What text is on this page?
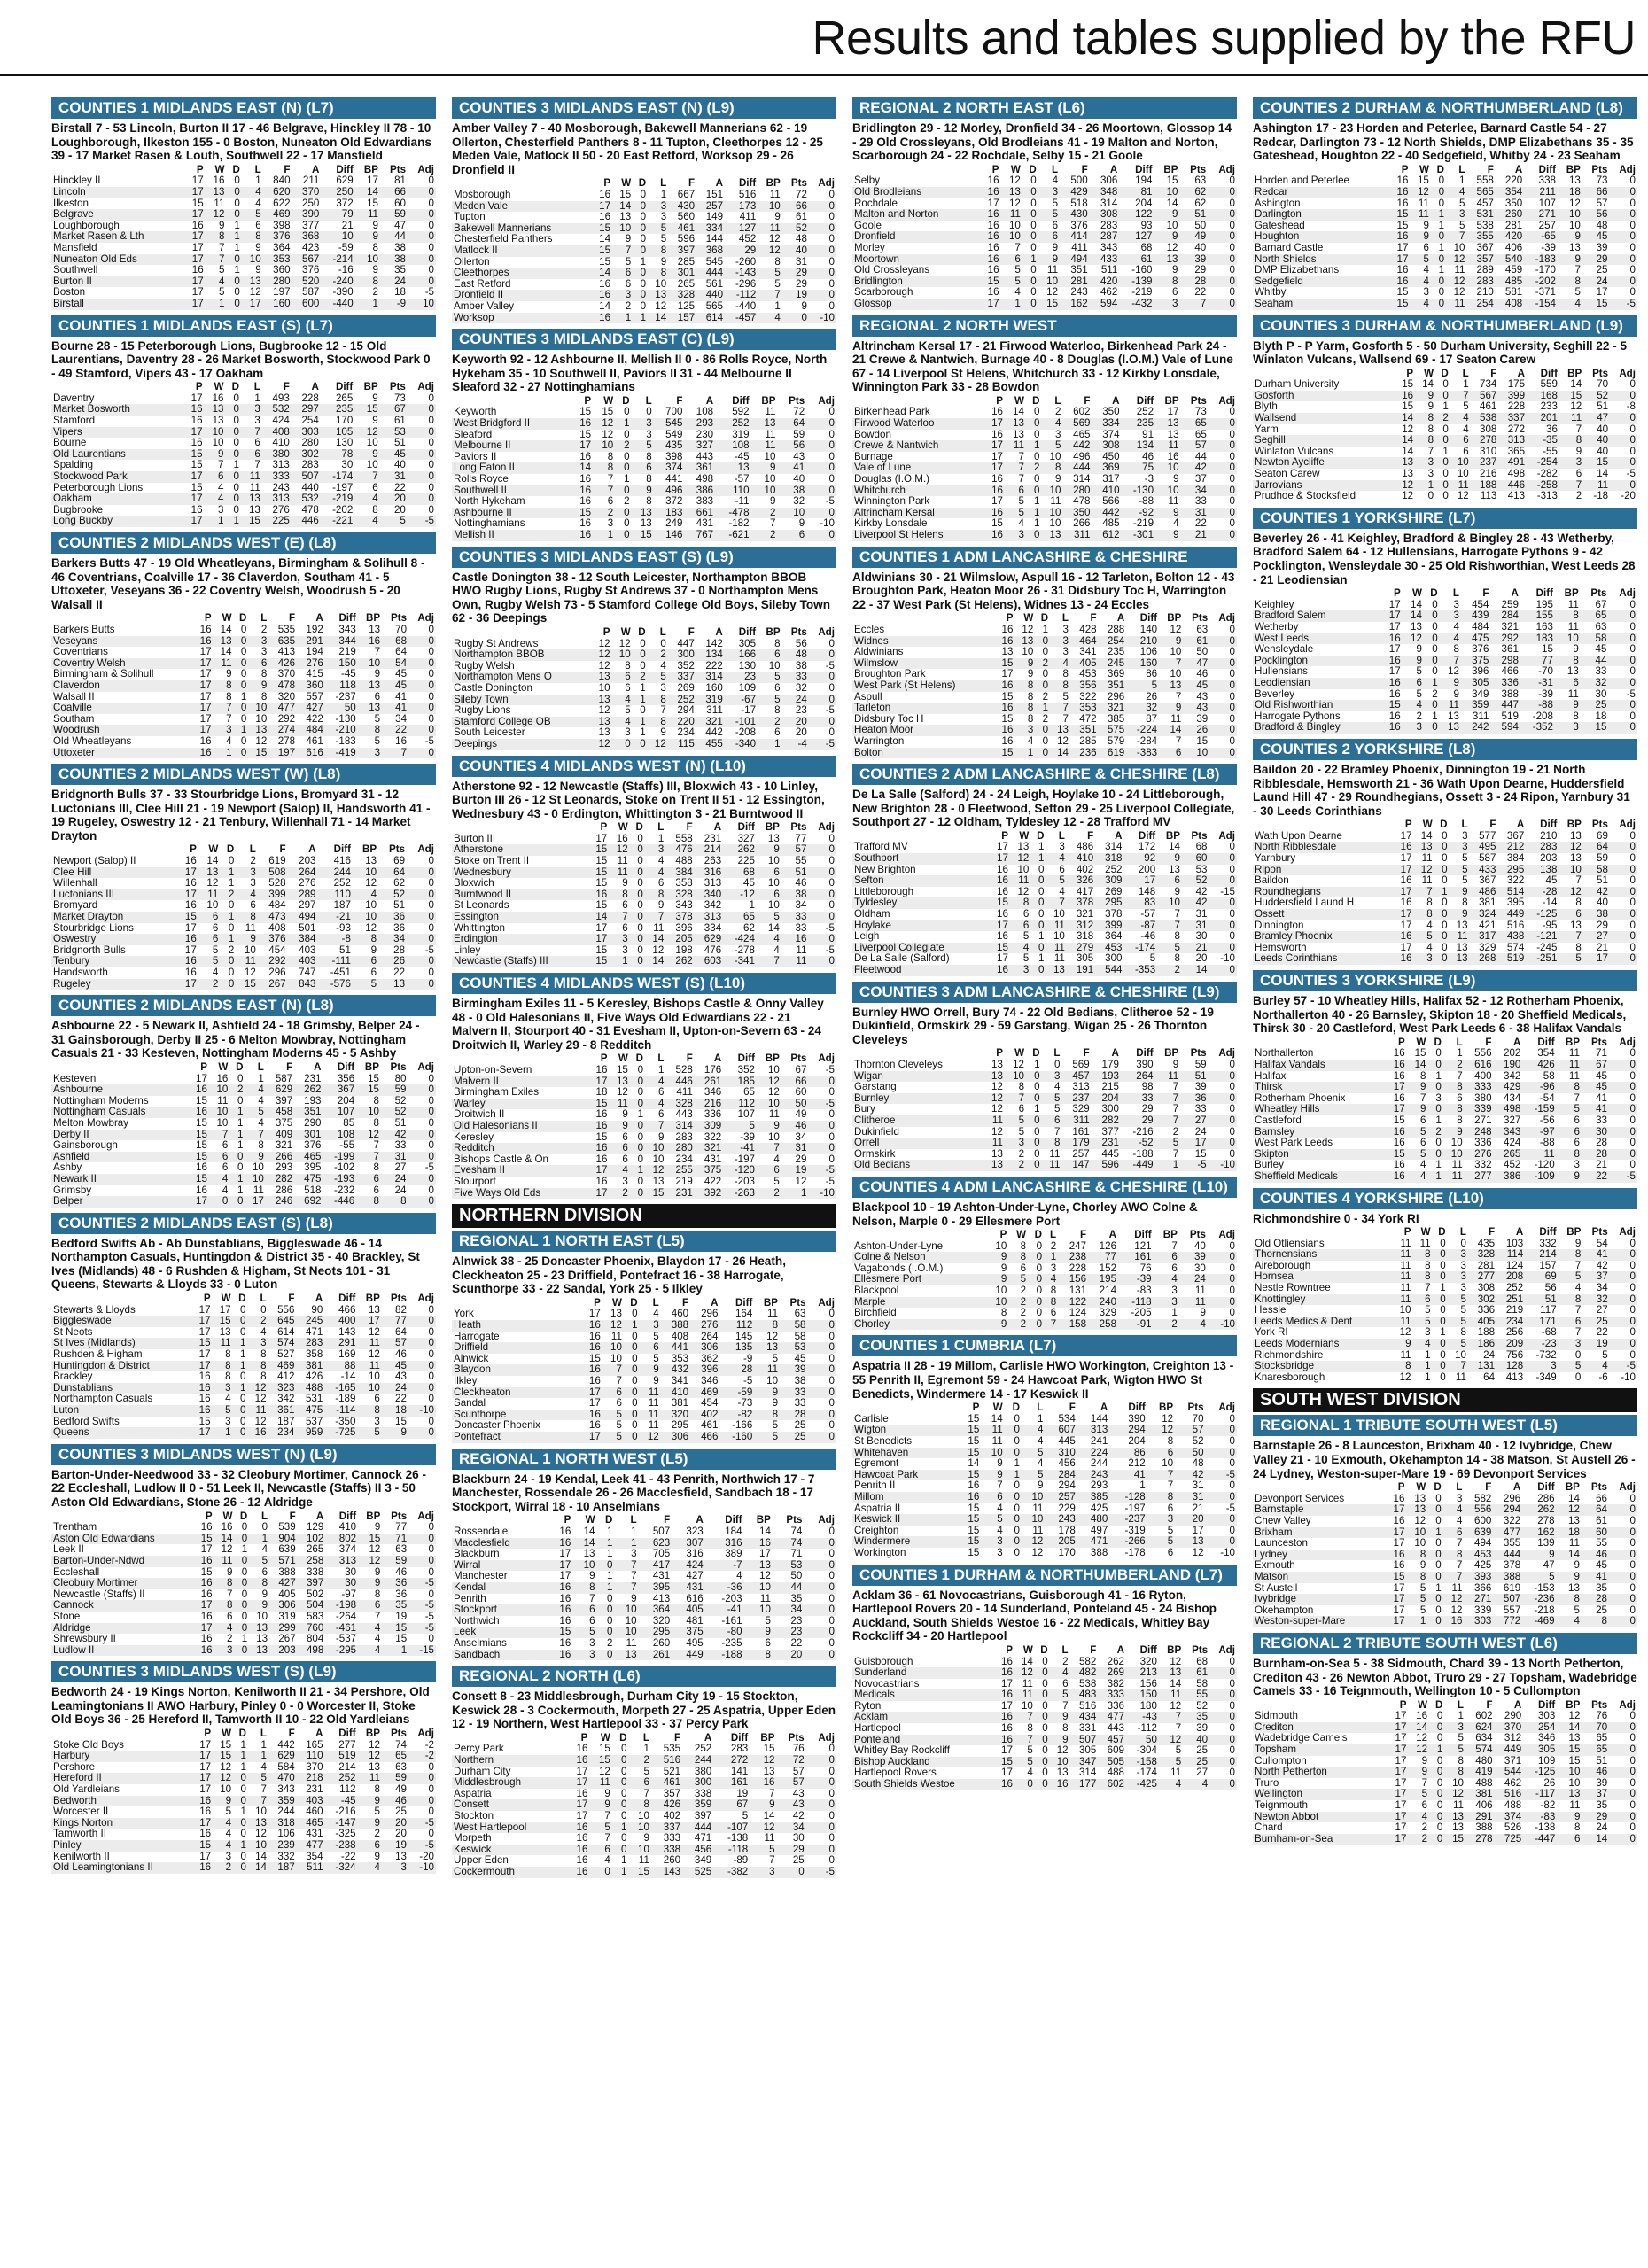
Results and tables supplied by the RFU
COUNTIES 1 MIDLANDS EAST (N) (L7)
Birstall 7 - 53 Lincoln, Burton II 17 - 46 Belgrave, Hinckley II 78 - 10 Loughborough, Ilkeston 155 - 0 Boston, Nuneaton Old Edwardians 39 - 17 Market Rasen & Louth, Southwell 22 - 17 Mansfield
	P	W	D	L	F	A	Diff	BP	Pts	Adj
Hinckley II	17	16	0	1	840	211	629	17	81	0
Lincoln	17	13	0	4	620	370	250	14	66	0
Ilkeston	15	11	0	4	622	250	372	15	60	0
Belgrave	17	12	0	5	469	390	79	11	59	0
Loughborough	16	9	1	6	398	377	21	9	47	0
Market Rasen & Lth	17	8	1	8	376	368	10	9	44	0
Mansfield	17	7	1	9	364	423	-59	8	38	0
Nuneaton Old Eds	17	7	0	10	353	567	-214	10	38	0
Southwell	16	5	1	9	360	376	-16	9	35	0
Burton II	17	4	0	13	280	520	-240	8	24	0
Boston	17	5	0	12	197	587	-390	2	18	-5
Birstall	17	1	0	17	160	600	-440	1	-9	10
COUNTIES 1 MIDLANDS EAST (S) (L7)
Bourne 28 - 15 Peterborough Lions, Bugbrooke 12 - 15 Old Laurentians, Daventry 28 - 26 Market Bosworth, Stockwood Park 0 - 49 Stamford, Vipers 43 - 17 Oakham
	P	W	D	L	F	A	Diff	BP	Pts	Adj
Daventry	17	16	0	1	493	228	265	9	73	0
Market Bosworth	16	13	0	3	532	297	235	15	67	0
Stamford	16	13	0	3	424	254	170	9	61	0
Vipers	17	10	0	7	408	303	105	12	53	0
Bourne	16	10	0	6	410	280	130	10	51	0
Old Laurentians	15	9	0	6	380	302	78	9	45	0
Spalding	15	7	1	7	313	283	30	10	40	0
Stockwood Park	17	6	0	11	333	507	-174	7	31	0
Peterborough Lions	15	4	0	11	243	440	-197	6	22	0
Oakham	17	4	0	13	313	532	-219	4	20	0
Bugbrooke	16	3	0	13	276	478	-202	8	20	0
Long Buckby	17	1	1	15	225	446	-221	4	5	-5
COUNTIES 2 MIDLANDS WEST (E) (L8)
Barkers Butts 47 - 19 Old Wheatleyans, Birmingham & Solihull 8 - 46 Coventrians, Coalville 17 - 36 Claverdon, Southam 41 - 5 Uttoxeter, Veseyans 36 - 22 Coventry Welsh, Woodrush 5 - 20 Walsall II
	P	W	D	L	F	A	Diff	BP	Pts	Adj
Barkers Butts	16	14	0	2	535	192	343	13	70	0
Veseyans	16	13	0	3	635	291	344	16	68	0
Coventrians	17	14	0	3	413	194	219	7	64	0
Coventry Welsh	17	11	0	6	426	276	150	10	54	0
Birmingham & Solihull	17	9	0	8	370	415	-45	9	45	0
Claverdon	17	8	0	9	478	360	118	13	45	0
Walsall II	17	8	1	8	320	557	-237	6	41	0
Coalville	17	7	0	10	477	427	50	13	41	0
Southam	17	7	0	10	292	422	-130	5	34	0
Woodrush	17	3	1	13	274	484	-210	8	22	0
Old Wheatleyans	16	4	0	12	278	461	-183	5	16	-5
Uttoxeter	16	1	0	15	197	616	-419	3	7	0
COUNTIES 2 MIDLANDS WEST (W) (L8)
Bridgnorth Bulls 37 - 33 Stourbridge Lions, Bromyard 31 - 12 Luctonians III, Clee Hill 21 - 19 Newport (Salop) II, Handsworth 41 - 19 Rugeley, Oswestry 12 - 21 Tenbury, Willenhall 71 - 14 Market Drayton
	P	W	D	L	F	A	Diff	BP	Pts	Adj
Newport (Salop) II	16	14	0	2	619	203	416	13	69	0
Clee Hill	17	13	1	3	508	264	244	10	64	0
Willenhall	16	12	1	3	528	276	252	12	62	0
Luctonians III	17	11	2	4	399	289	110	4	52	0
Bromyard	16	10	0	6	484	297	187	10	51	0
Market Drayton	15	6	1	8	473	494	-21	10	36	0
Stourbridge Lions	17	6	0	11	408	501	-93	12	36	0
Oswestry	16	6	1	9	376	384	-8	8	34	0
Bridgnorth Bulls	17	5	2	10	454	403	51	9	28	-5
Tenbury	16	5	0	11	292	403	-111	6	26	0
Handsworth	16	4	0	12	296	747	-451	6	22	0
Rugeley	17	2	0	15	267	843	-576	5	13	0
COUNTIES 2 MIDLANDS EAST (N) (L8)
Ashbourne 22 - 5 Newark II, Ashfield 24 - 18 Grimsby, Belper 24 - 31 Gainsborough, Derby II 25 - 6 Melton Mowbray, Nottingham Casuals 21 - 33 Kesteven, Nottingham Moderns 45 - 5 Ashby
	P	W	D	L	F	A	Diff	BP	Pts	Adj
Kesteven	17	16	0	1	587	231	356	15	80	0
Ashbourne	16	10	2	4	629	262	367	15	59	0
Nottingham Moderns	15	11	0	4	397	193	204	8	52	0
Nottingham Casuals	16	10	1	5	458	351	107	10	52	0
Melton Mowbray	15	10	1	4	375	290	85	8	51	0
Derby II	15	7	1	7	409	301	108	12	42	0
Gainsborough	15	6	1	8	321	376	-55	7	33	0
Ashfield	15	6	0	9	266	465	-199	7	31	0
Ashby	16	6	0	10	293	395	-102	8	27	-5
Newark II	15	4	1	10	282	475	-193	6	24	0
Grimsby	16	4	1	11	286	518	-232	6	24	0
Belper	17	0	0	17	246	692	-446	8	8	0
COUNTIES 2 MIDLANDS EAST (S) (L8)
Bedford Swifts Ab - Ab Dunstablians, Biggleswade 46 - 14 Northampton Casuals, Huntingdon & District 35 - 40 Brackley, St Ives (Midlands) 48 - 6 Rushden & Higham, St Neots 101 - 31 Queens, Stewarts & Lloyds 33 - 0 Luton
	P	W	D	L	F	A	Diff	BP	Pts	Adj
Stewarts & Lloyds	17	17	0	0	556	90	466	13	82	0
Biggleswade	17	15	0	2	645	245	400	17	77	0
St Neots	17	13	0	4	614	471	143	12	64	0
St Ives (Midlands)	15	11	1	3	574	283	291	11	57	0
Rushden & Higham	17	8	1	8	527	358	169	12	46	0
Huntingdon & District	17	8	1	8	469	381	88	11	45	0
Brackley	16	8	0	8	412	426	-14	10	43	0
Dunstablians	16	3	1	12	323	488	-165	10	24	0
Northampton Casuals	16	4	0	12	342	531	-189	6	22	0
Luton	16	5	0	11	361	475	-114	8	18	-10
Bedford Swifts	15	3	0	12	187	537	-350	3	15	0
Queens	17	1	0	16	234	959	-725	5	9	0
COUNTIES 3 MIDLANDS WEST (N) (L9)
Barton-Under-Needwood 33 - 32 Cleobury Mortimer, Cannock 26 - 22 Eccleshall, Ludlow II 0 - 51 Leek II, Newcastle (Staffs) II 3 - 50 Aston Old Edwardians, Stone 26 - 12 Aldridge
	P	W	D	L	F	A	Diff	BP	Pts	Adj
Trentham	16	16	0	0	539	129	410	9	77	0
Aston Old Edwardians	15	14	0	1	904	102	802	15	71	0
Leek II	17	12	1	4	639	265	374	12	63	0
Barton-Under-Ndwd	16	11	0	5	571	258	313	12	59	0
Eccleshall	15	9	0	6	388	338	30	9	46	0
Cleobury Mortimer	16	8	0	8	427	397	30	9	36	-5
Newcastle (Staffs) II	16	7	0	9	405	502	-97	8	36	0
Cannock	17	8	0	9	306	504	-198	6	35	-5
Stone	16	6	0	10	319	583	-264	7	19	-5
Aldridge	17	4	0	13	299	760	-461	4	15	-5
Shrewsbury II	16	2	1	13	267	804	-537	4	15	0
Ludlow II	16	3	0	13	203	498	-295	4	1	-15
COUNTIES 3 MIDLANDS WEST (S) (L9)
Bedworth 24 - 19 Kings Norton, Kenilworth II 21 - 34 Pershore, Old Leamingtonians II AWO Harbury, Pinley 0 - 0 Worcester II, Stoke Old Boys 36 - 25 Hereford II, Tamworth II 10 - 22 Old Yardleians
	P	W	D	L	F	A	Diff	BP	Pts	Adj
Stoke Old Boys	17	15	1	1	442	165	277	12	74	-2
Harbury	17	15	1	1	629	110	519	12	65	-2
Pershore	17	12	1	4	584	370	214	13	63	0
Hereford II	17	12	0	5	470	218	252	11	59	0
Old Yardleians	17	10	0	7	343	231	112	8	49	0
Bedworth	16	9	0	7	359	403	-45	9	46	0
Worcester II	16	5	1	10	244	460	-216	5	25	0
Kings Norton	17	4	0	13	318	465	-147	9	20	-5
Tamworth II	16	4	0	12	106	431	-325	2	20	0
Pinley	15	4	1	10	239	477	-238	6	19	-5
Kenilworth II	17	3	0	14	332	354	-22	9	13	-20
Old Leamingtonians II	16	2	0	14	187	511	-324	4	3	-10
COUNTIES 3 MIDLANDS EAST (N) (L9)
Amber Valley 7 - 40 Mosborough, Bakewell Mannerians 62 - 19 Ollerton, Chesterfield Panthers 8 - 11 Tupton, Cleethorpes 12 - 25 Meden Vale, Matlock II 50 - 20 East Retford, Worksop 29 - 26 Dronfield II
	P	W	D	L	F	A	Diff	BP	Pts	Adj
Mosborough	16	15	0	1	667	151	516	11	72	0
Meden Vale	17	14	0	3	430	257	173	10	66	0
Tupton	16	13	0	3	560	149	411	9	61	0
Bakewell Mannerians	15	10	0	5	461	334	127	11	52	0
Chesterfield Panthers	14	9	0	5	596	144	452	12	48	0
Matlock II	15	7	0	8	397	368	29	12	40	0
Ollerton	15	5	1	9	285	545	-260	8	31	0
Cleethorpes	14	6	0	8	301	444	-143	5	29	0
East Retford	16	6	0	10	265	561	-296	5	29	0
Dronfield II	16	3	0	13	328	440	-112	7	19	0
Amber Valley	14	2	0	12	125	565	-440	1	9	0
Worksop	16	1	1	14	157	614	-457	4	0	-10
COUNTIES 3 MIDLANDS EAST (C) (L9)
Keyworth 92 - 12 Ashbourne II, Mellish II 0 - 86 Rolls Royce, North Hykeham 35 - 10 Southwell II, Paviors II 31 - 44 Melbourne II Sleaford 32 - 27 Nottinghamians
	P	W	D	L	F	A	Diff	BP	Pts	Adj
Keyworth	15	15	0	0	700	108	592	11	72	0
West Bridgford II	16	12	1	3	545	293	252	13	64	0
Sleaford	15	12	0	3	549	230	319	11	59	0
Melbourne II	17	10	2	5	435	327	108	11	56	0
Paviors II	16	8	0	8	398	443	-45	10	43	0
Long Eaton II	14	8	0	6	374	361	13	9	41	0
Rolls Royce	16	7	1	8	441	498	-57	10	40	0
Southwell II	16	7	0	9	496	386	110	10	38	0
North Hykeham	16	6	2	8	372	383	-11	9	32	-5
Ashbourne II	15	2	0	13	183	661	-478	2	10	0
Nottinghamians	16	3	0	13	249	431	-182	7	9	-10
Mellish II	16	1	0	15	146	767	-621	2	6	0
COUNTIES 3 MIDLANDS EAST (S) (L9)
Castle Donington 38 - 12 South Leicester, Northampton BBOB HWO Rugby Lions, Rugby St Andrews 37 - 0 Northampton Mens Own, Rugby Welsh 73 - 5 Stamford College Old Boys, Sileby Town 62 - 36 Deepings
	P	W	D	L	F	A	Diff	BP	Pts	Adj
Rugby St Andrews	12	12	0	0	447	142	305	8	56	0
Northampton BBOB	12	10	0	2	300	134	166	6	48	0
Rugby Welsh	12	8	0	4	352	222	130	10	38	-5
Northampton Mens O	13	6	2	5	337	314	23	5	33	0
Castle Donington	10	6	1	3	269	160	109	6	32	0
Sileby Town	13	4	1	8	252	319	-67	5	24	0
Rugby Lions	12	5	0	7	294	311	-17	8	23	-5
Stamford College OB	13	4	1	8	220	321	-101	2	20	0
South Leicester	13	3	1	9	234	442	-208	6	20	0
Deepings	12	0	0	12	115	455	-340	1	-4	-5
COUNTIES 4 MIDLANDS WEST (N) (L10)
Atherstone 92 - 12 Newcastle (Staffs) III, Bloxwich 43 - 10 Linley, Burton III 26 - 12 St Leonards, Stoke on Trent II 51 - 12 Essington, Wednesbury 43 - 0 Erdington, Whittington 3 - 21 Burntwood II
	P	W	D	L	F	A	Diff	BP	Pts	Adj
Burton III	17	16	0	1	558	231	327	13	77	0
Atherstone	15	12	0	3	476	214	262	9	57	0
Stoke on Trent II	15	11	0	4	488	263	225	10	55	0
Wednesbury	15	11	0	4	384	316	68	6	51	0
Bloxwich	15	9	0	6	358	313	45	10	46	0
Burntwood II	16	8	0	8	328	340	-12	6	38	0
St Leonards	15	6	0	9	343	342	1	10	34	0
Essington	14	7	0	7	378	313	65	5	33	0
Whittington	17	6	0	11	396	334	62	14	33	-5
Erdington	17	3	0	14	205	629	-424	4	16	0
Linley	15	3	0	12	198	476	-278	4	11	-5
Newcastle (Staffs) III	15	1	0	14	262	603	-341	7	11	0
COUNTIES 4 MIDLANDS WEST (S) (L10)
Birmingham Exiles 11 - 5 Keresley, Bishops Castle & Onny Valley 48 - 0 Old Halesonians II, Five Ways Old Edwardians 22 - 21 Malvern II, Stourport 40 - 31 Evesham II, Upton-on-Severn 63 - 24 Droitwich II, Warley 29 - 8 Redditch
	P	W	D	L	F	A	Diff	BP	Pts	Adj
Upton-on-Severn	16	15	0	1	528	176	352	10	67	-5
Malvern II	17	13	0	4	446	261	185	12	66	0
Birmingham Exiles	18	12	0	6	411	346	65	12	60	0
Warley	15	11	0	4	328	216	112	10	50	-5
Droitwich II	16	9	1	6	443	336	107	11	49	0
Old Halesonians II	16	9	0	7	314	309	5	9	46	0
Keresley	15	6	0	9	283	322	-39	10	34	0
Redditch	16	6	0	10	280	321	-41	7	31	0
Bishops Castle & On	16	6	0	10	234	431	-197	4	29	0
Evesham II	17	4	1	12	255	375	-120	6	19	-5
Stourport	16	3	0	13	219	422	-203	5	12	-5
Five Ways Old Eds	17	2	0	15	231	392	-263	2	1	-10
NORTHERN DIVISION
REGIONAL 1 NORTH EAST (L5)
Alnwick 38 - 25 Doncaster Phoenix, Blaydon 17 - 26 Heath, Cleckheaton 25 - 23 Driffield, Pontefract 16 - 38 Harrogate, Scunthorpe 33 - 22 Sandal, York 25 - 5 Ilkley
	P	W	D	L	F	A	Diff	BP	Pts	Adj
York	17	13	0	4	460	296	164	11	63	0
Heath	16	12	1	3	388	276	112	8	58	0
Harrogate	16	11	0	5	408	264	145	12	58	0
Driffield	16	10	0	6	441	306	135	13	53	0
Alnwick	15	10	0	5	353	362	-9	5	45	0
Blaydon	16	7	0	9	432	396	28	11	39	0
Ilkley	16	7	0	9	341	346	-5	10	38	0
Cleckheaton	17	6	0	11	410	469	-59	9	33	0
Sandal	17	6	0	11	381	454	-73	9	33	0
Scunthorpe	16	5	0	11	320	402	-82	8	28	0
Doncaster Phoenix	16	5	0	11	295	461	-166	5	25	0
Pontefract	17	5	0	12	306	466	-160	5	25	0
REGIONAL 1 NORTH WEST (L5)
Blackburn 24 - 19 Kendal, Leek 41 - 43 Penrith, Northwich 17 - 7 Manchester, Rossendale 26 - 26 Macclesfield, Sandbach 18 - 17 Stockport, Wirral 18 - 10 Anselmians
	P	W	D	L	F	A	Diff	BP	Pts	Adj
Rossendale	16	14	1	1	507	323	184	14	74	0
Macclesfield	16	14	1	1	623	307	316	16	74	0
Blackburn	17	13	1	3	705	316	389	17	71	0
Wirral	17	10	0	7	417	424	-7	13	53	0
Manchester	17	9	1	7	431	427	4	12	50	0
Kendal	16	8	1	7	395	431	-36	10	44	0
Penrith	16	7	0	9	413	616	-203	11	35	0
Stockport	16	6	0	10	364	405	-41	10	34	0
Northwich	16	6	0	10	320	481	-161	5	23	0
Leek	15	5	0	10	295	375	-80	9	23	0
Anselmians	16	3	2	11	260	495	-235	6	22	0
Sandbach	16	3	0	13	261	449	-188	8	20	0
REGIONAL 2 NORTH (L6)
Consett 8 - 23 Middlesbrough, Durham City 19 - 15 Stockton, Keswick 28 - 3 Cockermouth, Morpeth 27 - 25 Aspatria, Upper Eden 12 - 19 Northern, West Hartlepool 33 - 37 Percy Park
	P	W	D	L	F	A	Diff	BP	Pts	Adj
Percy Park	16	15	0	1	535	252	283	15	76	0
Northern	16	15	0	2	516	244	272	12	72	0
Durham City	17	12	0	5	521	380	141	13	57	0
Middlesbrough	17	11	0	6	461	300	161	16	57	0
Aspatria	16	9	0	7	357	338	19	7	43	0
Consett	17	9	0	8	426	359	67	9	43	0
Stockton	17	7	0	10	402	397	5	14	42	0
West Hartlepool	16	5	1	10	337	444	-107	12	34	0
Morpeth	16	7	0	9	333	471	-138	11	30	0
Keswick	16	6	0	10	338	456	-118	5	29	0
Upper Eden	16	4	1	11	260	349	-89	7	25	0
Cockermouth	16	0	1	15	143	525	-382	3	0	-5
REGIONAL 2 NORTH EAST (L6)
Bridlington 29 - 12 Morley, Dronfield 34 - 26 Moortown, Glossop 14 - 29 Old Crossleyans, Old Brodleians 41 - 19 Malton and Norton, Scarborough 24 - 22 Rochdale, Selby 15 - 21 Goole
	P	W	D	L	F	A	Diff	BP	Pts	Adj
Selby	16	12	0	4	500	306	194	15	63	0
Old Brodleians	16	13	0	3	429	348	81	10	62	0
Rochdale	17	12	0	5	518	314	204	14	62	0
Malton and Norton	16	11	0	5	430	308	122	9	51	0
Goole	16	10	0	6	376	283	93	10	50	0
Dronfield	16	10	0	6	414	287	127	9	49	0
Morley	16	7	0	9	411	343	68	12	40	0
Moortown	16	6	1	9	494	433	61	13	39	0
Old Crossleyans	16	5	0	11	351	511	-160	9	29	0
Bridlington	15	5	0	10	281	420	-139	8	28	0
Scarborough	16	4	0	12	243	462	-219	6	22	0
Glossop	17	1	0	15	162	594	-432	3	7	0
REGIONAL 2 NORTH WEST
Altrincham Kersal 17 - 21 Firwood Waterloo, Birkenhead Park 24 - 21 Crewe & Nantwich, Burnage 40 - 8 Douglas (I.O.M.) Vale of Lune 67 - 14 Liverpool St Helens, Whitchurch 33 - 12 Kirkby Lonsdale, Winnington Park 33 - 28 Bowdon
	P	W	D	L	F	A	Diff	BP	Pts	Adj
Birkenhead Park	16	14	0	2	602	350	252	17	73	0
Firwood Waterloo	17	13	0	4	569	334	235	13	65	0
Bowdon	16	13	0	3	465	374	91	13	65	0
Crewe & Nantwich	17	11	1	5	442	308	134	11	57	0
Burnage	17	7	0	10	496	450	46	16	44	0
Vale of Lune	17	7	2	8	444	369	75	10	42	0
Douglas (I.O.M.)	16	7	0	9	314	317	-3	9	37	0
Whitchurch	16	6	0	10	280	410	-130	10	34	0
Winnington Park	17	5	1	11	478	566	-88	11	33	0
Altrincham Kersal	16	5	1	10	350	442	-92	9	31	0
Kirkby Lonsdale	15	4	1	10	266	485	-219	4	22	0
Liverpool St Helens	16	3	0	13	311	612	-301	9	21	0
COUNTIES 1 ADM LANCASHIRE & CHESHIRE
Aldwinians 30 - 21 Wilmslow, Aspull 16 - 12 Tarleton, Bolton 12 - 43 Broughton Park, Heaton Moor 26 - 31 Didsbury Toc H, Warrington 22 - 37 West Park (St Helens), Widnes 13 - 24 Eccles
	P	W	D	L	F	A	Diff	BP	Pts	Adj
Eccles	16	12	1	3	428	288	140	12	63	0
Widnes	16	13	0	3	464	254	210	9	61	0
Aldwinians	13	10	0	3	341	235	106	10	50	0
Wilmslow	15	9	2	4	405	245	160	7	47	0
Broughton Park	17	9	0	8	453	369	86	10	46	0
West Park (St Helens)	16	8	0	8	356	351	5	13	45	0
Aspull	15	8	2	5	322	296	26	7	43	0
Tarleton	16	8	1	7	353	321	32	9	43	0
Didsbury Toc H	15	8	2	7	472	385	87	11	39	0
Heaton Moor	16	3	0	13	351	575	-224	14	26	0
Warrington	16	4	0	12	285	579	-284	7	15	0
Bolton	15	1	0	14	236	619	-383	6	10	0
COUNTIES 2 ADM LANCASHIRE & CHESHIRE (L8)
De La Salle (Salford) 24 - 24 Leigh, Hoylake 10 - 24 Littleborough, New Brighton 28 - 0 Fleetwood, Sefton 29 - 25 Liverpool Collegiate, Southport 27 - 12 Oldham, Tyldesley 12 - 28 Trafford MV
	P	W	D	L	F	A	Diff	BP	Pts	Adj
Trafford MV	17	13	1	3	486	314	172	14	68	0
Southport	17	12	1	4	410	318	92	9	60	0
New Brighton	16	10	0	6	402	252	200	13	53	0
Sefton	16	11	0	5	326	309	17	6	52	0
Littleborough	16	12	0	4	417	269	148	9	42	-15
Tyldesley	15	8	0	7	378	295	83	10	42	0
Oldham	16	6	0	10	321	378	-57	7	31	0
Hoylake	17	6	0	11	312	399	-87	7	31	0
Leigh	16	5	1	10	318	364	-46	8	30	0
Liverpool Collegiate	15	4	0	11	279	453	-174	5	21	0
De La Salle (Salford)	17	5	1	11	305	300	5	8	20	-10
Fleetwood	16	3	0	13	191	544	-353	2	14	0
COUNTIES 3 ADM LANCASHIRE & CHESHIRE (L9)
Burnley HWO Orrell, Bury 74 - 22 Old Bedians, Clitheroe 52 - 19 Dukinfield, Ormskirk 29 - 59 Garstang, Wigan 25 - 26 Thornton Cleveleys
	P	W	D	L	F	A	Diff	BP	Pts	Adj
Thornton Cleveleys	13	12	1	0	569	179	390	9	59	0
Wigan	13	10	0	3	457	193	264	11	51	0
Garstang	12	8	0	4	313	215	98	7	39	0
Burnley	12	7	0	5	237	204	33	7	36	0
Bury	12	6	1	5	329	300	29	7	33	0
Clitheroe	11	5	0	6	311	282	29	7	27	0
Dukinfield	12	5	0	7	161	377	-216	2	24	0
Orrell	11	3	0	8	179	231	-52	5	17	0
Ormskirk	13	2	0	11	257	445	-188	7	15	0
Old Bedians	13	2	0	11	147	596	-449	1	-5	-10
COUNTIES 4 ADM LANCASHIRE & CHESHIRE (L10)
Blackpool 10 - 19 Ashton-Under-Lyne, Chorley AWO Colne & Nelson, Marple 0 - 29 Ellesmere Port
	P	W	D	L	F	A	Diff	BP	Pts	Adj
Ashton-Under-Lyne	10	8	0	2	247	126	121	7	40	0
Colne & Nelson	9	8	0	1	238	77	161	6	39	0
Vagabonds (I.O.M.)	9	6	0	3	228	152	76	6	30	0
Ellesmere Port	9	5	0	4	156	195	-39	4	24	0
Blackpool	10	2	0	8	131	214	-83	3	11	0
Marple	10	2	0	8	122	240	-118	3	11	0
Birchfield	8	2	0	6	124	329	-205	1	9	0
Chorley	9	2	0	7	158	258	-91	2	4	-10
COUNTIES 1 CUMBRIA (L7)
Aspatria II 28 - 19 Millom, Carlisle HWO Workington, Creighton 13 - 55 Penrith II, Egremont 59 - 24 Hawcoat Park, Wigton HWO St Benedicts, Windermere 14 - 17 Keswick II
	P	W	D	L	F	A	Diff	BP	Pts	Adj
Carlisle	15	14	0	1	534	144	390	12	70	0
Wigton	15	11	0	4	607	313	294	12	57	0
St Benedicts	15	11	0	4	445	241	204	8	52	0
Whitehaven	15	10	0	5	310	224	86	6	50	0
Egremont	14	9	1	4	456	244	212	10	48	0
Hawcoat Park	15	9	1	5	284	243	41	7	42	-5
Penrith II	16	7	0	9	294	293	1	7	31	0
Millom	16	6	0	10	257	385	-128	8	31	0
Aspatria II	15	4	0	11	229	425	-197	6	21	-5
Keswick II	15	5	0	10	243	480	-237	3	20	0
Creighton	15	4	0	11	178	497	-319	5	17	0
Windermere	15	3	0	12	205	471	-266	5	13	0
Workington	15	3	0	12	170	388	-178	6	12	-10
COUNTIES 1 DURHAM & NORTHUMBERLAND (L7)
Acklam 36 - 61 Novocastrians, Guisborough 41 - 16 Ryton, Hartlepool Rovers 20 - 14 Sunderland, Ponteland 45 - 24 Bishop Auckland, South Shields Westoe 16 - 22 Medicals, Whitley Bay Rockcliff 34 - 20 Hartlepool
	P	W	D	L	F	A	Diff	BP	Pts	Adj
Guisborough	16	14	0	2	582	262	320	12	68	0
Sunderland	16	12	0	4	482	269	213	13	61	0
Novocastrians	17	11	0	6	538	382	156	14	58	0
Medicals	16	11	0	5	483	333	150	11	55	0
Ryton	17	10	0	7	516	336	180	12	52	0
Acklam	16	7	0	9	434	477	-43	7	35	0
Hartlepool	16	8	0	8	331	443	-112	7	39	0
Ponteland	16	7	0	9	507	457	50	12	40	0
Whitley Bay Rockcliff	17	5	0	12	305	609	-304	5	25	0
Bishop Auckland	15	5	0	10	347	505	-158	5	25	0
Hartlepool Rovers	17	4	0	13	314	488	-174	11	27	0
South Shields Westoe	16	0	0	16	177	602	-425	4	4	0
COUNTIES 2 DURHAM & NORTHUMBERLAND (L8)
Ashington 17 - 23 Horden and Peterlee, Barnard Castle 54 - 27 Redcar, Darlington 73 - 12 North Shields, DMP Elizabethans 35 - 35 Gateshead, Houghton 22 - 40 Sedgefield, Whitby 24 - 23 Seaham
	P	W	D	L	F	A	Diff	BP	Pts	Adj
Horden and Peterlee	16	15	0	1	558	220	338	13	73	0
Redcar	16	12	0	4	565	354	211	18	66	0
Ashington	16	11	0	5	457	350	107	12	57	0
Darlington	15	11	1	3	531	260	271	10	56	0
Gateshead	15	9	1	5	538	281	257	10	48	0
Houghton	16	9	0	7	355	420	-65	9	45	0
Barnard Castle	17	6	1	10	367	406	-39	13	39	0
North Shields	17	5	0	12	357	540	-183	9	29	0
DMP Elizabethans	16	4	1	11	289	459	-170	7	25	0
Sedgefield	16	4	0	12	283	485	-202	8	24	0
Whitby	15	3	0	12	210	581	-371	5	17	0
Seaham	15	4	0	11	254	408	-154	4	15	-5
COUNTIES 3 DURHAM & NORTHUMBERLAND (L9)
Blyth P - P Yarm, Gosforth 5 - 50 Durham University, Seghill 22 - 5 Winlaton Vulcans, Wallsend 69 - 17 Seaton Carew
	P	W	D	L	F	A	Diff	BP	Pts	Adj
Durham University	15	14	0	1	734	175	559	14	70	0
Gosforth	16	9	0	7	567	399	168	15	52	0
Blyth	15	9	1	5	461	228	233	12	51	-8
Wallsend	14	8	2	4	538	337	201	11	47	0
Yarm	12	8	0	4	308	272	36	7	40	0
Seghill	14	8	0	6	278	313	-35	8	40	0
Winlaton Vulcans	14	7	1	6	310	365	-55	9	40	0
Newton Aycliffe	13	3	0	10	237	491	-254	3	15	0
Seaton Carew	13	3	0	10	216	498	-282	6	14	-5
Jarrovians	12	1	0	11	188	446	-258	7	11	0
Prudhoe & Stocksfield	12	0	0	12	113	413	-313	2	-18	-20
COUNTIES 1 YORKSHIRE (L7)
Beverley 26 - 41 Keighley, Bradford & Bingley 28 - 43 Wetherby, Bradford Salem 64 - 12 Hullensians, Harrogate Pythons 9 - 42 Pocklington, Wensleydale 30 - 25 Old Rishworthian, West Leeds 28 - 21 Leodiensian
	P	W	D	L	F	A	Diff	BP	Pts	Adj
Keighley	17	14	0	3	454	259	195	11	67	0
Bradford Salem	17	14	0	3	439	284	155	8	65	0
Wetherby	17	13	0	4	484	321	163	11	63	0
West Leeds	16	12	0	4	475	292	183	10	58	0
Wensleydale	17	9	0	8	376	361	15	9	45	0
Pocklington	16	9	0	7	375	298	77	8	44	0
Hullensians	17	5	0	12	396	466	-70	13	33	0
Leodiensian	16	6	1	9	305	336	-31	6	32	0
Beverley	16	5	2	9	349	388	-39	11	30	-5
Old Rishworthian	15	4	0	11	359	447	-88	9	25	0
Harrogate Pythons	16	2	1	13	311	519	-208	8	18	0
Bradford & Bingley	16	3	0	13	242	594	-352	3	15	0
COUNTIES 2 YORKSHIRE (L8)
Baildon 20 - 22 Bramley Phoenix, Dinnington 19 - 21 North Ribblesdale, Hemsworth 21 - 36 Wath Upon Dearne, Huddersfield Laund Hill 47 - 29 Roundhegians, Ossett 3 - 24 Ripon, Yarnbury 31 - 30 Leeds Corinthians
	P	W	D	L	F	A	Diff	BP	Pts	Adj
Wath Upon Dearne	17	14	0	3	577	367	210	13	69	0
North Ribblesdale	16	13	0	3	495	212	283	12	64	0
Yarnbury	17	11	0	5	587	384	203	13	59	0
Ripon	17	12	0	5	433	295	138	10	58	0
Baildon	16	11	0	5	367	322	45	7	51	0
Roundhegians	17	7	1	9	486	514	-28	12	42	0
Huddersfield Laund H	16	8	0	8	381	395	-14	8	40	0
Ossett	17	8	0	9	324	449	-125	6	38	0
Dinnington	17	4	0	13	421	516	-95	13	29	0
Bramley Phoenix	16	5	0	11	317	438	-121	7	27	0
Hemsworth	17	4	0	13	329	574	-245	8	21	0
Leeds Corinthians	16	3	0	13	268	519	-251	5	17	0
COUNTIES 3 YORKSHIRE (L9)
Burley 57 - 10 Wheatley Hills, Halifax 52 - 12 Rotherham Phoenix, Northallerton 40 - 26 Barnsley, Skipton 18 - 20 Sheffield Medicals, Thirsk 30 - 20 Castleford, West Park Leeds 6 - 38 Halifax Vandals
	P	W	D	L	F	A	Diff	BP	Pts	Adj
Northallerton	16	15	0	1	556	202	354	11	71	0
Halifax Vandals	16	14	0	2	616	190	426	11	67	0
Halifax	16	8	1	7	400	342	58	11	45	0
Thirsk	17	9	0	8	333	429	-96	8	45	0
Rotherham Phoenix	16	7	3	6	380	434	-54	7	41	0
Wheatley Hills	17	9	0	8	339	498	-159	5	41	0
Castleford	15	6	1	8	271	327	-56	6	33	0
Barnsley	16	5	2	9	248	343	-97	6	30	0
West Park Leeds	16	6	0	10	336	424	-88	6	28	0
Skipton	15	5	0	10	276	265	11	8	28	0
Burley	16	4	1	11	332	452	-120	3	21	0
Sheffield Medicals	16	4	1	11	277	386	-109	9	22	-5
COUNTIES 4 YORKSHIRE (L10)
Richmondshire 0 - 34 York RI
	P	W	D	L	F	A	Diff	BP	Pts	Adj
Old Otliensians	11	11	0	0	435	103	332	9	54	0
Thornensians	11	8	0	3	328	114	214	8	41	0
Aireborough	11	8	0	3	281	124	157	7	42	0
Hornsea	11	8	0	3	277	208	69	5	37	0
Nestle Rowntree	11	7	1	3	308	252	56	4	34	0
Knottingley	11	6	0	5	302	251	51	8	32	0
Hessle	10	5	0	5	336	219	117	7	27	0
Leeds Medics & Dent	11	5	0	5	405	234	171	6	25	0
York RI	12	3	1	8	188	256	-68	7	22	0
Leeds Modernians	9	4	0	5	186	209	-23	3	19	0
Richmondshire	11	1	0	10	24	756	-732	0	5	0
Stocksbridge	8	1	0	7	131	128	3	5	4	-5
Knaresborough	12	1	0	11	64	413	-349	0	-6	-10
SOUTH WEST DIVISION
REGIONAL 1 TRIBUTE SOUTH WEST (L5)
Barnstaple 26 - 8 Launceston, Brixham 40 - 12 Ivybridge, Chew Valley 21 - 10 Exmouth, Okehampton 14 - 38 Matson, St Austell 26 - 24 Lydney, Weston-super-Mare 19 - 69 Devonport Services
	P	W	D	L	F	A	Diff	BP	Pts	Adj
Devonport Services	16	13	0	3	582	296	286	14	66	0
Barnstaple	17	13	0	4	556	294	262	12	64	0
Chew Valley	16	12	0	4	600	322	278	13	61	0
Brixham	17	10	1	6	639	477	162	18	60	0
Launceston	17	10	0	7	494	355	139	11	55	0
Lydney	16	8	0	8	453	444	9	14	46	0
Exmouth	16	9	0	7	425	378	47	9	45	0
Matson	15	8	0	7	393	388	5	9	41	0
St Austell	17	5	1	11	366	619	-153	13	35	0
Ivybridge	17	5	0	12	271	507	-236	8	28	0
Okehampton	17	5	0	12	339	557	-218	5	25	0
Weston-super-Mare	17	1	0	16	303	772	-469	4	8	0
REGIONAL 2 TRIBUTE SOUTH WEST (L6)
Burnham-on-Sea 5 - 38 Sidmouth, Chard 39 - 13 North Petherton, Crediton 43 - 26 Newton Abbot, Truro 29 - 27 Topsham, Wadebridge Camels 33 - 16 Teignmouth, Wellington 10 - 5 Cullompton
	P	W	D	L	F	A	Diff	BP	Pts	Adj
Sidmouth	17	16	0	1	602	290	303	12	76	0
Crediton	17	14	0	3	624	370	254	14	70	0
Wadebridge Camels	17	12	0	5	634	312	346	13	65	0
Topsham	17	12	1	5	574	449	305	15	65	0
Cullompton	17	9	0	8	480	371	109	15	51	0
North Petherton	17	9	0	8	419	544	-125	10	46	0
Truro	17	7	0	10	488	462	26	10	39	0
Wellington	17	5	0	12	381	516	-117	13	37	0
Teignmouth	17	6	0	11	406	488	-82	11	35	0
Newton Abbot	17	4	0	13	291	374	-83	9	29	0
Chard	17	2	0	13	388	526	-138	8	24	0
Burnham-on-Sea	17	2	0	15	278	725	-447	6	14	0
